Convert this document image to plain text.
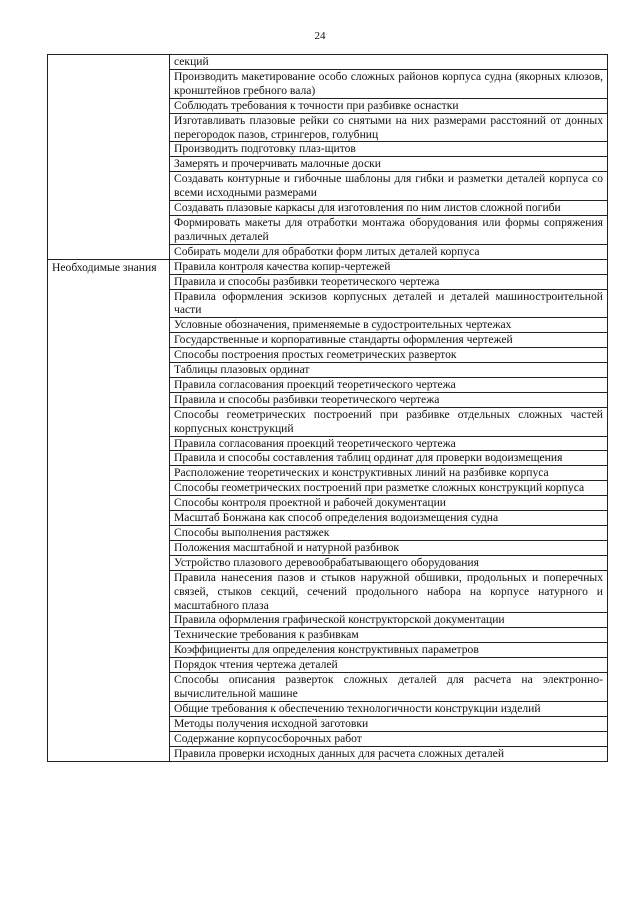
24
	секций
	Производить макетирование особо сложных районов корпуса судна (якорных клюзов, кронштейнов гребного вала)
	Соблюдать требования к точности при разбивке оснастки
	Изготавливать плазовые рейки со снятыми на них размерами расстояний от донных перегородок пазов, стрингеров, голубниц
	Производить подготовку плаз-щитов
	Замерять и прочерчивать малочные доски
	Создавать контурные и гибочные шаблоны для гибки и разметки деталей корпуса со всеми исходными размерами
	Создавать плазовые каркасы для изготовления по ним листов сложной погиби
	Формировать макеты для отработки монтажа оборудования или формы сопряжения различных деталей
	Собирать модели для обработки форм литых деталей корпуса
Необходимые знания	Правила контроля качества копир-чертежей
	Правила и способы разбивки теоретического чертежа
	Правила оформления эскизов корпусных деталей и деталей машиностроительной части
	Условные обозначения, применяемые в судостроительных чертежах
	Государственные и корпоративные стандарты оформления чертежей
	Способы построения простых геометрических разверток
	Таблицы плазовых ординат
	Правила согласования проекций теоретического чертежа
	Правила и способы разбивки теоретического чертежа
	Способы геометрических построений при разбивке отдельных сложных частей корпусных конструкций
	Правила согласования проекций теоретического чертежа
	Правила и способы составления таблиц ординат для проверки водоизмещения
	Расположение теоретических и конструктивных линий на разбивке корпуса
	Способы геометрических построений при разметке сложных конструкций корпуса
	Способы контроля проектной и рабочей документации
	Масштаб Бонжана как способ определения водоизмещения судна
	Способы выполнения растяжек
	Положения масштабной и натурной разбивок
	Устройство плазового деревообрабатывающего оборудования
	Правила нанесения пазов и стыков наружной обшивки, продольных и поперечных связей, стыков секций, сечений продольного набора на корпусе натурного и масштабного плаза
	Правила оформления графической конструкторской документации
	Технические требования к разбивкам
	Коэффициенты для определения конструктивных параметров
	Порядок чтения чертежа деталей
	Способы описания разверток сложных деталей для расчета на электронно-вычислительной машине
	Общие требования к обеспечению технологичности конструкции изделий
	Методы получения исходной заготовки
	Содержание корпусосборочных работ
	Правила проверки исходных данных для расчета сложных деталей
